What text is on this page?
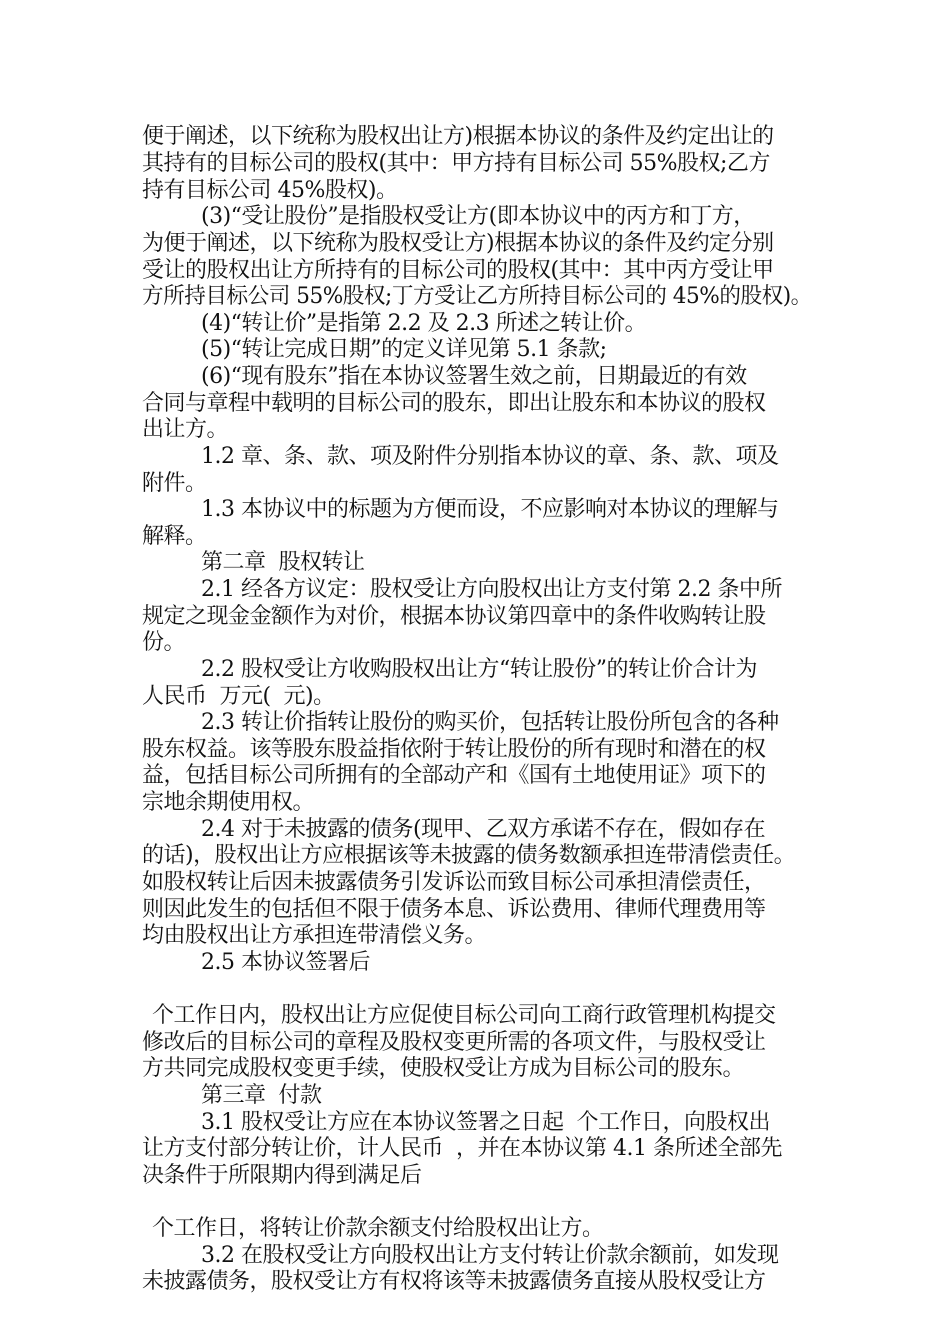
便于阐述，以下统称为股权出让方)根据本协议的条件及约定出让的
其持有的目标公司的股权(其中：甲方持有目标公司 55%股权;乙方
持有目标公司 45%股权)。
(3)“受让股份”是指股权受让方(即本协议中的丙方和丁方，
为便于阐述，以下统称为股权受让方)根据本协议的条件及约定分别
受让的股权出让方所持有的目标公司的股权(其中：其中丙方受让甲
方所持目标公司 55%股权;丁方受让乙方所持目标公司的 45%的股权)。
(4)“转让价”是指第 2.2 及 2.3 所述之转让价。
(5)“转让完成日期”的定义详见第 5.1 条款;
(6)“现有股东”指在本协议签署生效之前，日期最近的有效
合同与章程中载明的目标公司的股东，即出让股东和本协议的股权
出让方。
1.2 章、条、款、项及附件分别指本协议的章、条、款、项及
附件。
1.3 本协议中的标题为方便而设，不应影响对本协议的理解与
解释。
第二章  股权转让
2.1 经各方议定：股权受让方向股权出让方支付第 2.2 条中所
规定之现金金额作为对价，根据本协议第四章中的条件收购转让股
份。
2.2 股权受让方收购股权出让方“转让股份”的转让价合计为
人民币  万元(  元)。
2.3 转让价指转让股份的购买价，包括转让股份所包含的各种
股东权益。该等股东股益指依附于转让股份的所有现时和潜在的权
益，包括目标公司所拥有的全部动产和《国有土地使用证》项下的
宗地余期使用权。
2.4 对于未披露的债务(现甲、乙双方承诺不存在，假如存在
的话)，股权出让方应根据该等未披露的债务数额承担连带清偿责任。
如股权转让后因未披露债务引发诉讼而致目标公司承担清偿责任，
则因此发生的包括但不限于债务本息、诉讼费用、律师代理费用等
均由股权出让方承担连带清偿义务。
2.5 本协议签署后
个工作日内，股权出让方应促使目标公司向工商行政管理机构提交
修改后的目标公司的章程及股权变更所需的各项文件，与股权受让
方共同完成股权变更手续，使股权受让方成为目标公司的股东。
第三章  付款
3.1 股权受让方应在本协议签署之日起  个工作日，向股权出
让方支付部分转让价，计人民币  ，并在本协议第 4.1 条所述全部先
决条件于所限期内得到满足后
个工作日，将转让价款余额支付给股权出让方。
3.2 在股权受让方向股权出让方支付转让价款余额前，如发现
未披露债务，股权受让方有权将该等未披露债务直接从股权受让方
